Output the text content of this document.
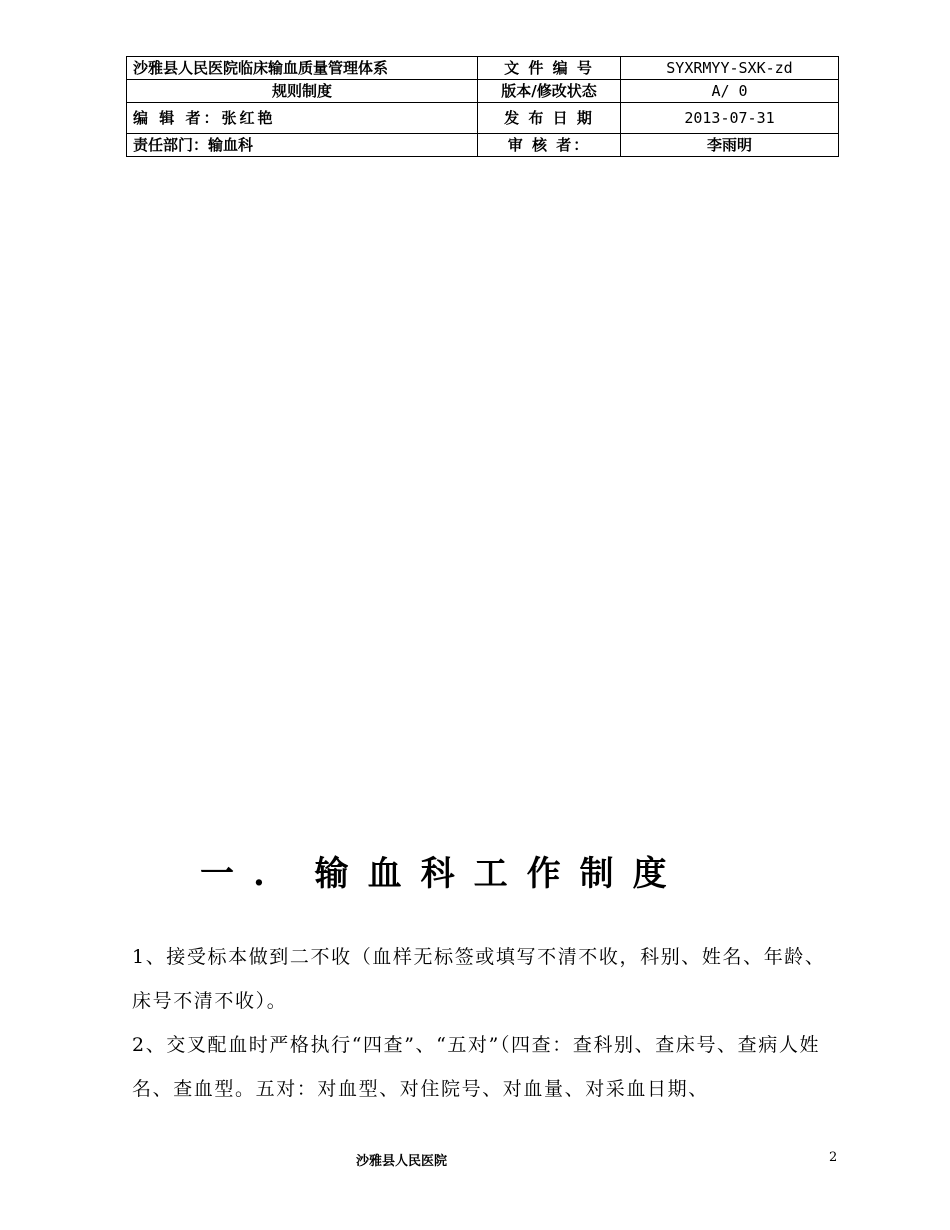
沙雅县人民医院临床输血质量管理体系	文 件 编 号	SYXRMYY-SXK-zd
规则制度	版本/修改状态	A/ 0
编 辑 者：张红艳	发 布 日 期	2013-07-31
责任部门：输血科	审 核 者：	李雨明
一. 输血科工作制度

1、接受标本做到二不收（血样无标签或填写不清不收，科别、姓名、年龄、床号不清不收）。

2、交叉配血时严格执行“四查”、“五对”（四查：查科别、查床号、查病人姓名、查血型。五对：对血型、对住院号、对血量、对采血日期、

沙雅县人民医院	2
